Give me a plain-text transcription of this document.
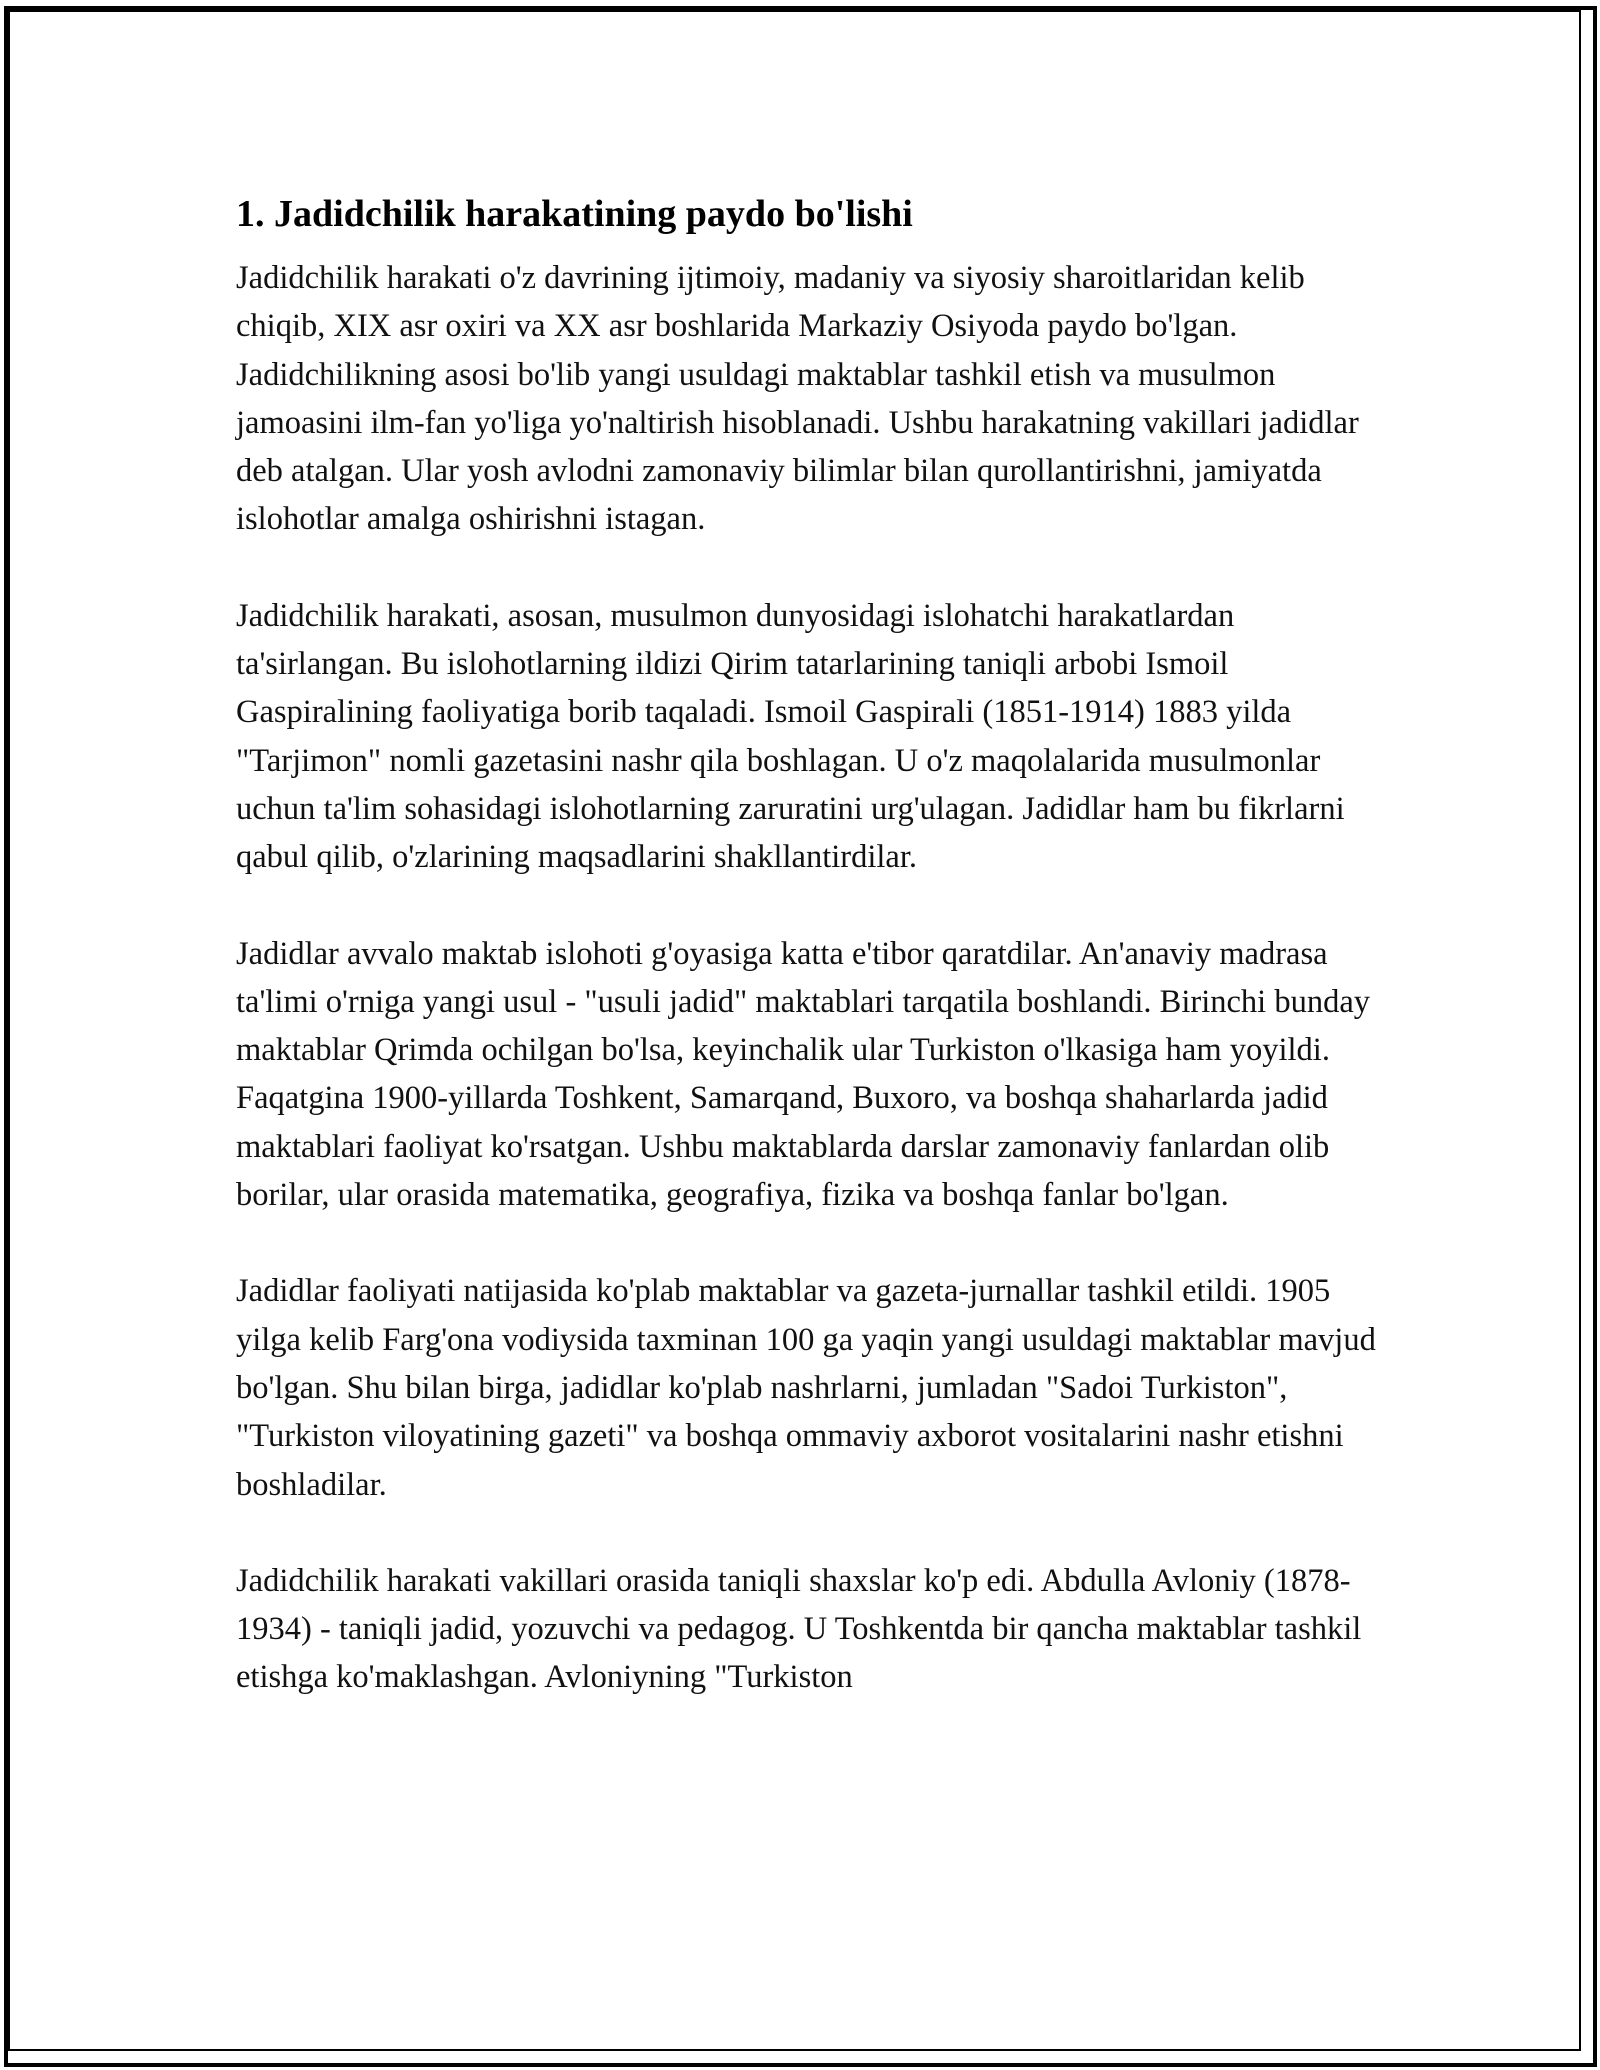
1. Jadidchilik harakatining paydo bo'lishi

Jadidchilik harakati o'z davrining ijtimoiy, madaniy va siyosiy sharoitlaridan kelib chiqib, XIX asr oxiri va XX asr boshlarida Markaziy Osiyoda paydo bo'lgan. Jadidchilikning asosi bo'lib yangi usuldagi maktablar tashkil etish va musulmon jamoasini ilm-fan yo'liga yo'naltirish hisoblanadi. Ushbu harakatning vakillari jadidlar deb atalgan. Ular yosh avlodni zamonaviy bilimlar bilan qurollantirishni, jamiyatda islohotlar amalga oshirishni istagan.

Jadidchilik harakati, asosan, musulmon dunyosidagi islohatchi harakatlardan ta'sirlangan. Bu islohotlarning ildizi Qirim tatarlarining taniqli arbobi Ismoil Gaspiralining faoliyatiga borib taqaladi. Ismoil Gaspirali (1851-1914) 1883 yilda "Tarjimon" nomli gazetasini nashr qila boshlagan. U o'z maqolalarida musulmonlar uchun ta'lim sohasidagi islohotlarning zaruratini urg'ulagan. Jadidlar ham bu fikrlarni qabul qilib, o'zlarining maqsadlarini shakllantirdilar.

Jadidlar avvalo maktab islohoti g'oyasiga katta e'tibor qaratdilar. An'anaviy madrasa ta'limi o'rniga yangi usul - "usuli jadid" maktablari tarqatila boshlandi. Birinchi bunday maktablar Qrimda ochilgan bo'lsa, keyinchalik ular Turkiston o'lkasiga ham yoyildi. Faqatgina 1900-yillarda Toshkent, Samarqand, Buxoro, va boshqa shaharlarda jadid maktablari faoliyat ko'rsatgan. Ushbu maktablarda darslar zamonaviy fanlardan olib borilar, ular orasida matematika, geografiya, fizika va boshqa fanlar bo'lgan.

Jadidlar faoliyati natijasida ko'plab maktablar va gazeta-jurnallar tashkil etildi. 1905 yilga kelib Farg'ona vodiysida taxminan 100 ga yaqin yangi usuldagi maktablar mavjud bo'lgan. Shu bilan birga, jadidlar ko'plab nashrlarni, jumladan "Sadoi Turkiston", "Turkiston viloyatining gazeti" va boshqa ommaviy axborot vositalarini nashr etishni boshladilar.

Jadidchilik harakati vakillari orasida taniqli shaxslar ko'p edi. Abdulla Avloniy (1878-1934) - taniqli jadid, yozuvchi va pedagog. U Toshkentda bir qancha maktablar tashkil etishga ko'maklashgan. Avloniyning "Turkiston
